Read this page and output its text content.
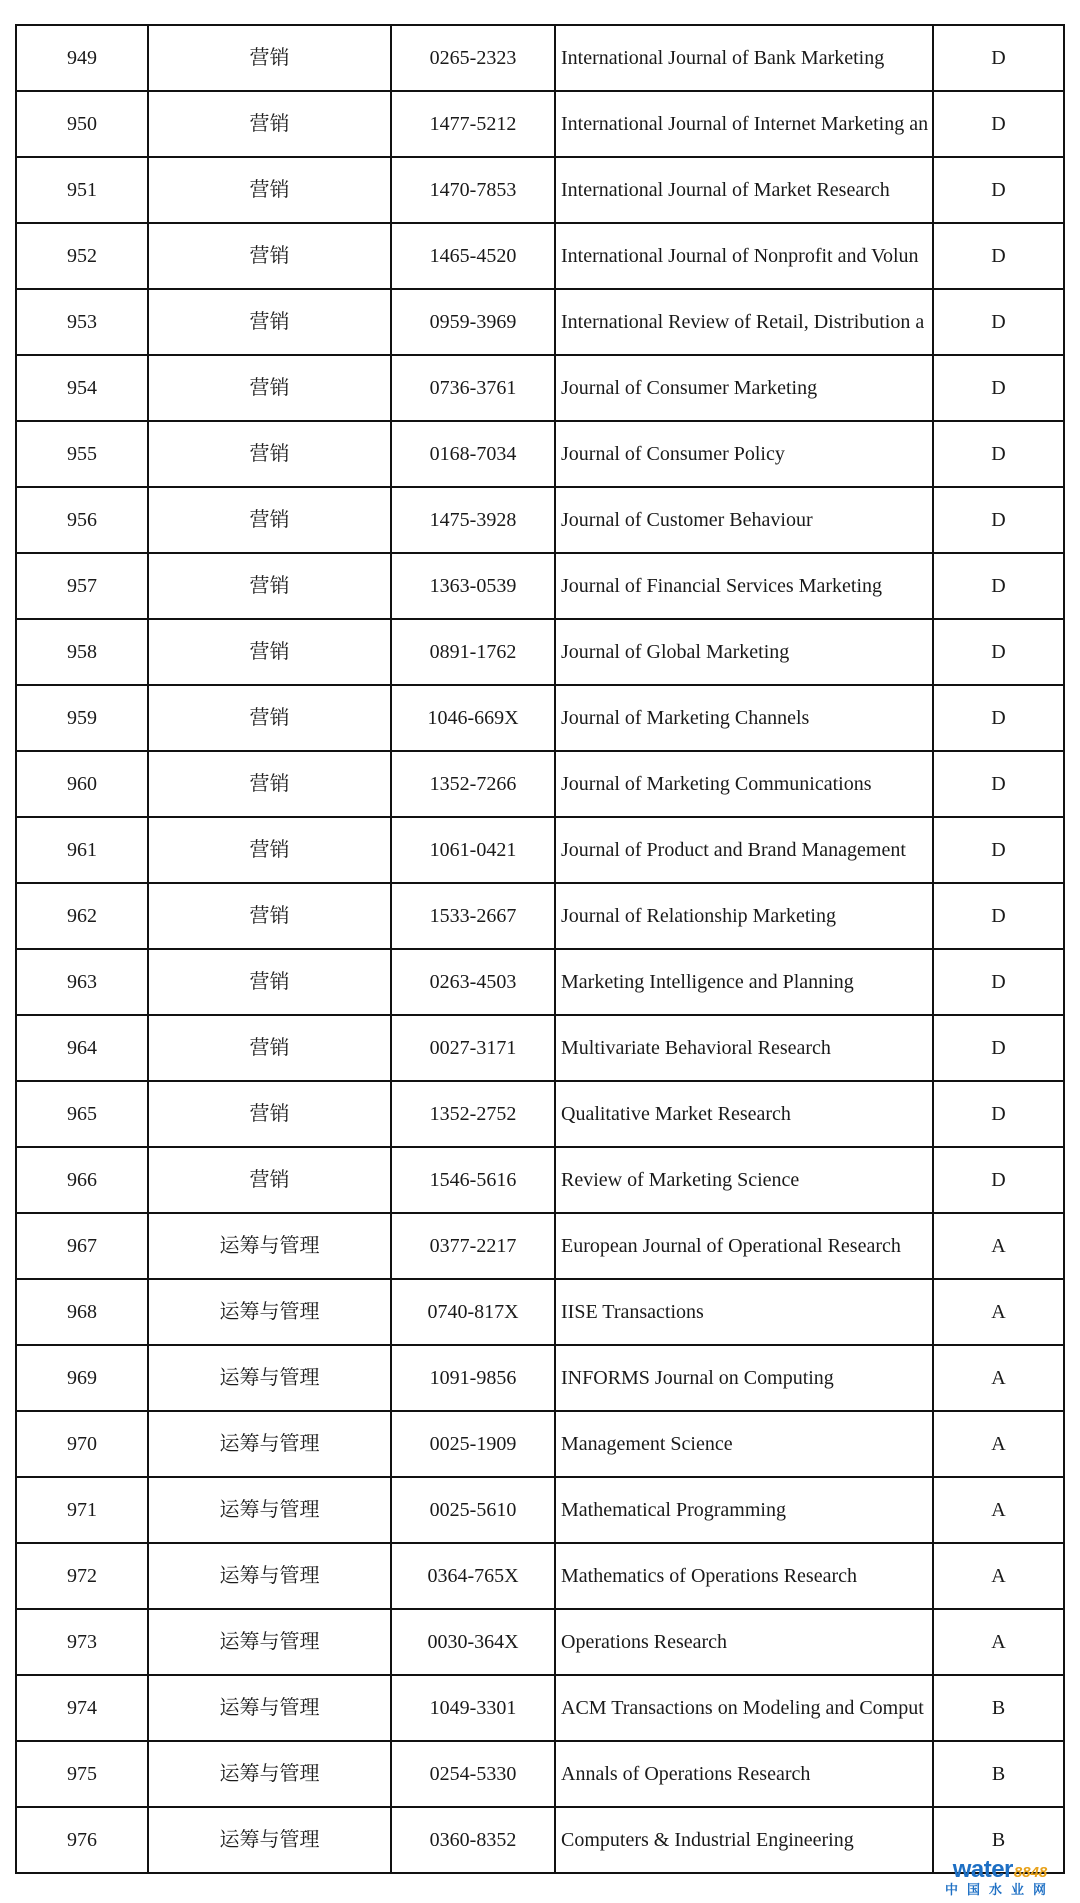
949	营销	0265-2323	International Journal of Bank Marketing	D
950	营销	1477-5212	International Journal of Internet Marketing an	D
951	营销	1470-7853	International Journal of Market Research	D
952	营销	1465-4520	International Journal of Nonprofit and Volun	D
953	营销	0959-3969	International Review of Retail, Distribution a	D
954	营销	0736-3761	Journal of Consumer Marketing	D
955	营销	0168-7034	Journal of Consumer Policy	D
956	营销	1475-3928	Journal of Customer Behaviour	D
957	营销	1363-0539	Journal of Financial Services Marketing	D
958	营销	0891-1762	Journal of Global Marketing	D
959	营销	1046-669X	Journal of Marketing Channels	D
960	营销	1352-7266	Journal of Marketing Communications	D
961	营销	1061-0421	Journal of Product and Brand Management	D
962	营销	1533-2667	Journal of Relationship Marketing	D
963	营销	0263-4503	Marketing Intelligence and Planning	D
964	营销	0027-3171	Multivariate Behavioral Research	D
965	营销	1352-2752	Qualitative Market Research	D
966	营销	1546-5616	Review of Marketing Science	D
967	运筹与管理	0377-2217	European Journal of Operational Research	A
968	运筹与管理	0740-817X	IISE Transactions	A
969	运筹与管理	1091-9856	INFORMS Journal on Computing	A
970	运筹与管理	0025-1909	Management Science	A
971	运筹与管理	0025-5610	Mathematical Programming	A
972	运筹与管理	0364-765X	Mathematics of Operations Research	A
973	运筹与管理	0030-364X	Operations Research	A
974	运筹与管理	1049-3301	ACM Transactions on Modeling and Comput	B
975	运筹与管理	0254-5330	Annals of Operations Research	B
976	运筹与管理	0360-8352	Computers & Industrial Engineering	B
water 8848
中国水业网
